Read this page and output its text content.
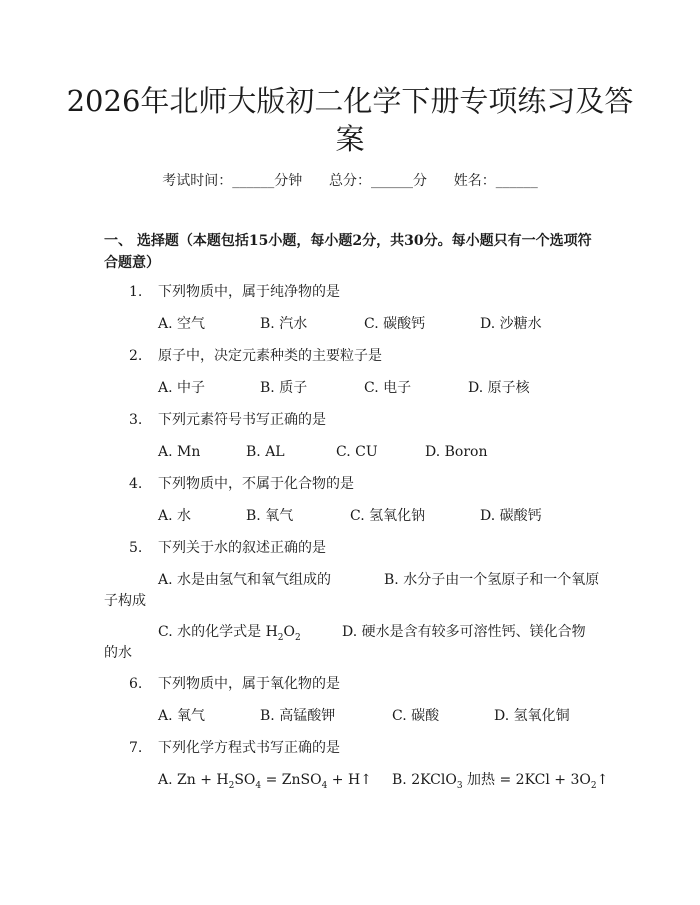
2026年北师大版初二化学下册专项练习及答案
考试时间：______分钟 总分：______分 姓名：______
一、 选择题（本题包括15小题，每小题2分，共30分。每小题只有一个选项符合题意）
1. 下列物质中，属于纯净物的是
A. 空气	B. 汽水	C. 碳酸钙	D. 沙糖水
2. 原子中，决定元素种类的主要粒子是
A. 中子	B. 质子	C. 电子	D. 原子核
3. 下列元素符号书写正确的是
A. Mn	B. AL	C. CU	D. Boron
4. 下列物质中，不属于化合物的是
A. 水	B. 氧气	C. 氢氧化钠	D. 碳酸钙
5. 下列关于水的叙述正确的是
A. 水是由氢气和氧气组成的	B. 水分子由一个氢原子和一个氧原
子构成
C. 水的化学式是 $H_2O_2$	D. 硬水是含有较多可溶性钙、镁化合物
的水
6. 下列物质中，属于氧化物的是
A. 氧气	B. 高锰酸钾	C. 碳酸	D. 氢氧化铜
7. 下列化学方程式书写正确的是
A. $Zn + H_2SO_4$ = ZnSO$_4$ + H↑ B. 2KClO$_3$ 加热 = $2KCl + 3O_2↑$
